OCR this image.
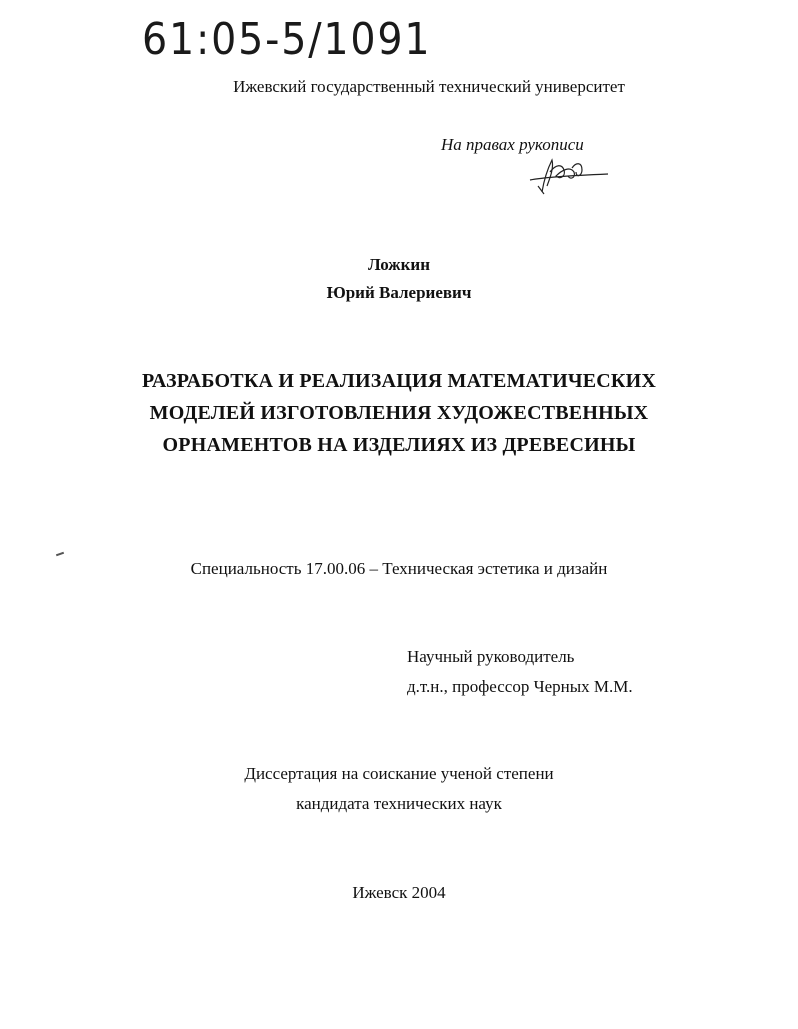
61:05-5/1091
Ижевский государственный технический университет
На правах рукописи
Ложкин
Юрий Валериевич
РАЗРАБОТКА И РЕАЛИЗАЦИЯ МАТЕМАТИЧЕСКИХ
МОДЕЛЕЙ ИЗГОТОВЛЕНИЯ ХУДОЖЕСТВЕННЫХ
ОРНАМЕНТОВ НА ИЗДЕЛИЯХ ИЗ ДРЕВЕСИНЫ
Специальность 17.00.06 – Техническая эстетика и дизайн
Научный руководитель
д.т.н., профессор Черных М.М.
Диссертация на соискание ученой степени
кандидата технических наук
Ижевск 2004
